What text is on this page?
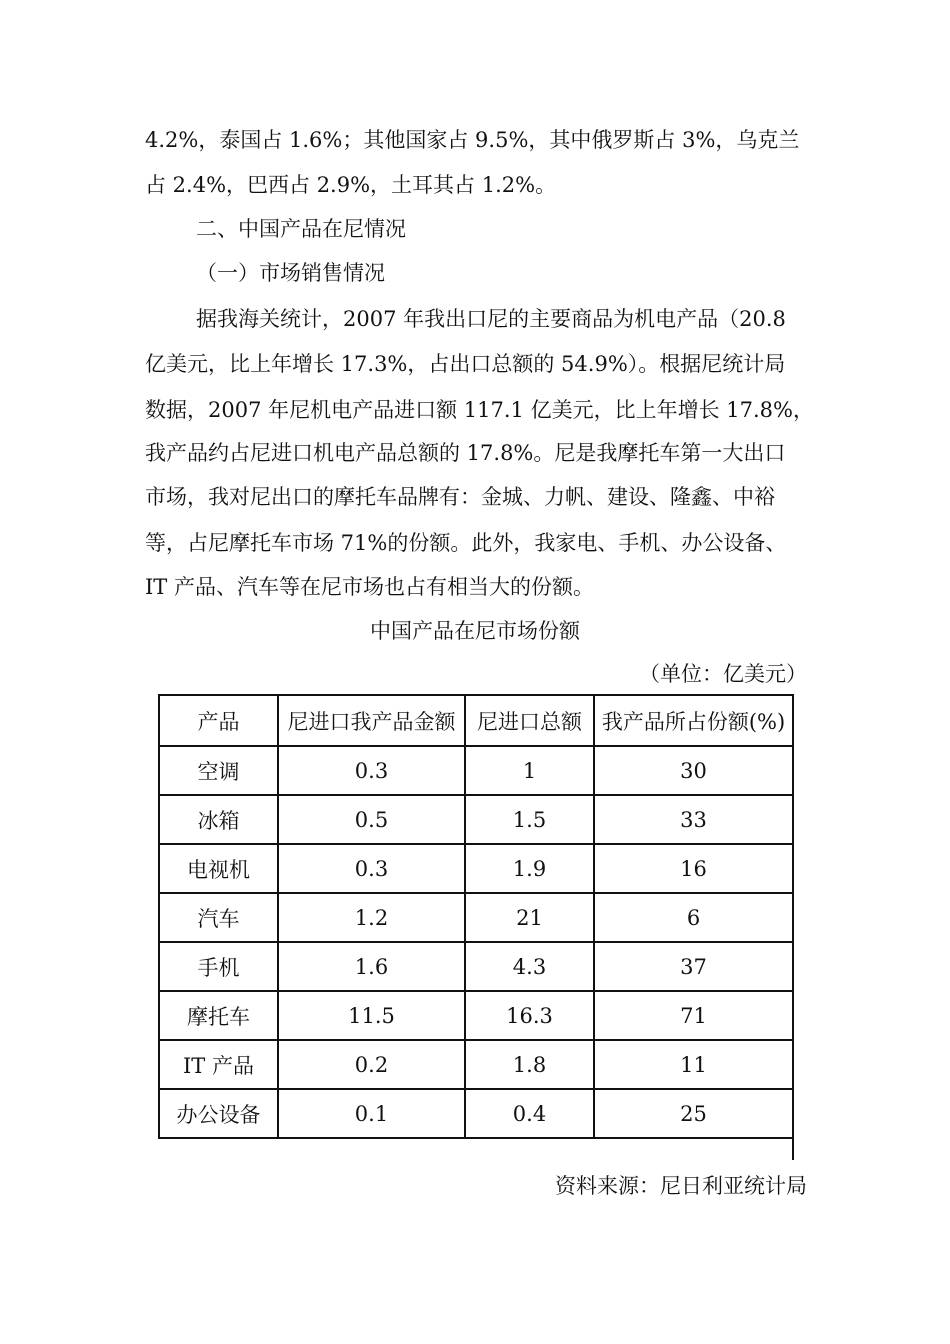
4.2%，泰国占 1.6%；其他国家占 9.5%，其中俄罗斯占 3%，乌克兰
占 2.4%，巴西占 2.9%，土耳其占 1.2%。
二、中国产品在尼情况
（一）市场销售情况
据我海关统计，2007 年我出口尼的主要商品为机电产品（20.8
亿美元，比上年增长 17.3%，占出口总额的 54.9%）。根据尼统计局
数据，2007 年尼机电产品进口额 117.1 亿美元，比上年增长 17.8%，
我产品约占尼进口机电产品总额的 17.8%。尼是我摩托车第一大出口
市场，我对尼出口的摩托车品牌有：金城、力帆、建设、隆鑫、中裕
等，占尼摩托车市场 71%的份额。此外，我家电、手机、办公设备、
IT 产品、汽车等在尼市场也占有相当大的份额。
中国产品在尼市场份额
（单位：亿美元）
产品	尼进口我产品金额	尼进口总额	我产品所占份额(%)
空调	0.3	1	30
冰箱	0.5	1.5	33
电视机	0.3	1.9	16
汽车	1.2	21	6
手机	1.6	4.3	37
摩托车	11.5	16.3	71
IT 产品	0.2	1.8	11
办公设备	0.1	0.4	25
资料来源：尼日利亚统计局
